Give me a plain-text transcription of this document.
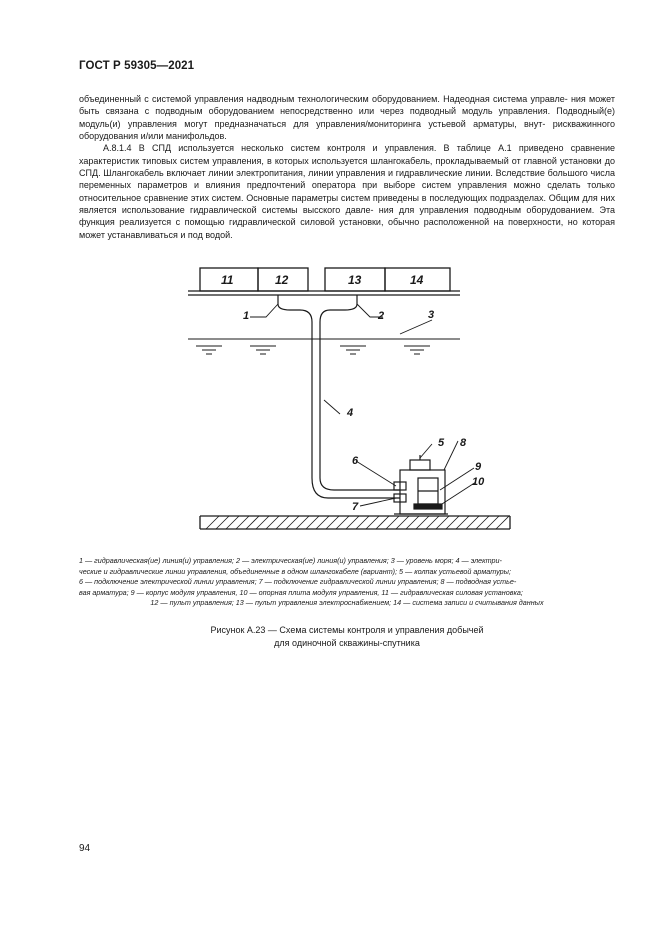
ГОСТ Р 59305—2021

объединенный с системой управления надводным технологическим оборудованием. Надеодная система управле- ния может быть связана с подводным оборудованием непосредственно или через подводный модуль управления. Подводный(е) модуль(и) управления могут предназначаться для управления/мониторинга устьевой арматуры, внут- рискважинного оборудования и/или манифольдов.

А.8.1.4 В СПД используется несколько систем контроля и управления. В таблице А.1 приведено сравнение характеристик типовых систем управления, в которых используется шлангокабель, прокладываемый от главной установки до СПД. Шлангокабель включает линии электропитания, линии управления и гидравлические линии. Вследствие большого числа переменных параметров и влияния предпочтений оператора при выборе систем управления можно сделать только относительное сравнение этих систем. Основные параметры систем приведены в последующих подразделах. Общим для них является использование гидравлической системы высского давле- ния для управления подводным оборудованием. Эта функция реализуется с помощью гидравлической силовой установки, обычно расположенной на поверхности, но которая может устанавливаться и под водой.

11	12	13	14
1	2	3
4
5 8
6	9
10
7

1 — гидравлическая(ие) линия(и) управления; 2 — электрическая(ие) линия(и) управления; 3 — уровень моря; 4 — электри-

ческие и гидравлические линии управления, объединенные в одном шлангокабеле (вариант); 5 — колпак устьевой арматуры;

6 — подключение электрической линии управления; 7 — подключение гидравлической линии управления; 8 — подводная устье-

вая арматура; 9 — корпус модуля управления, 10 — опорная плита модуля управления, 11 — гидравлическая силовая установка;

12 — пульт управления; 13 — пульт управления электроснабжением; 14 — система записи и считывания данных

Рисунок А.23 — Схема системы контроля и управления добычей
для одиночной скважины-спутника
94
